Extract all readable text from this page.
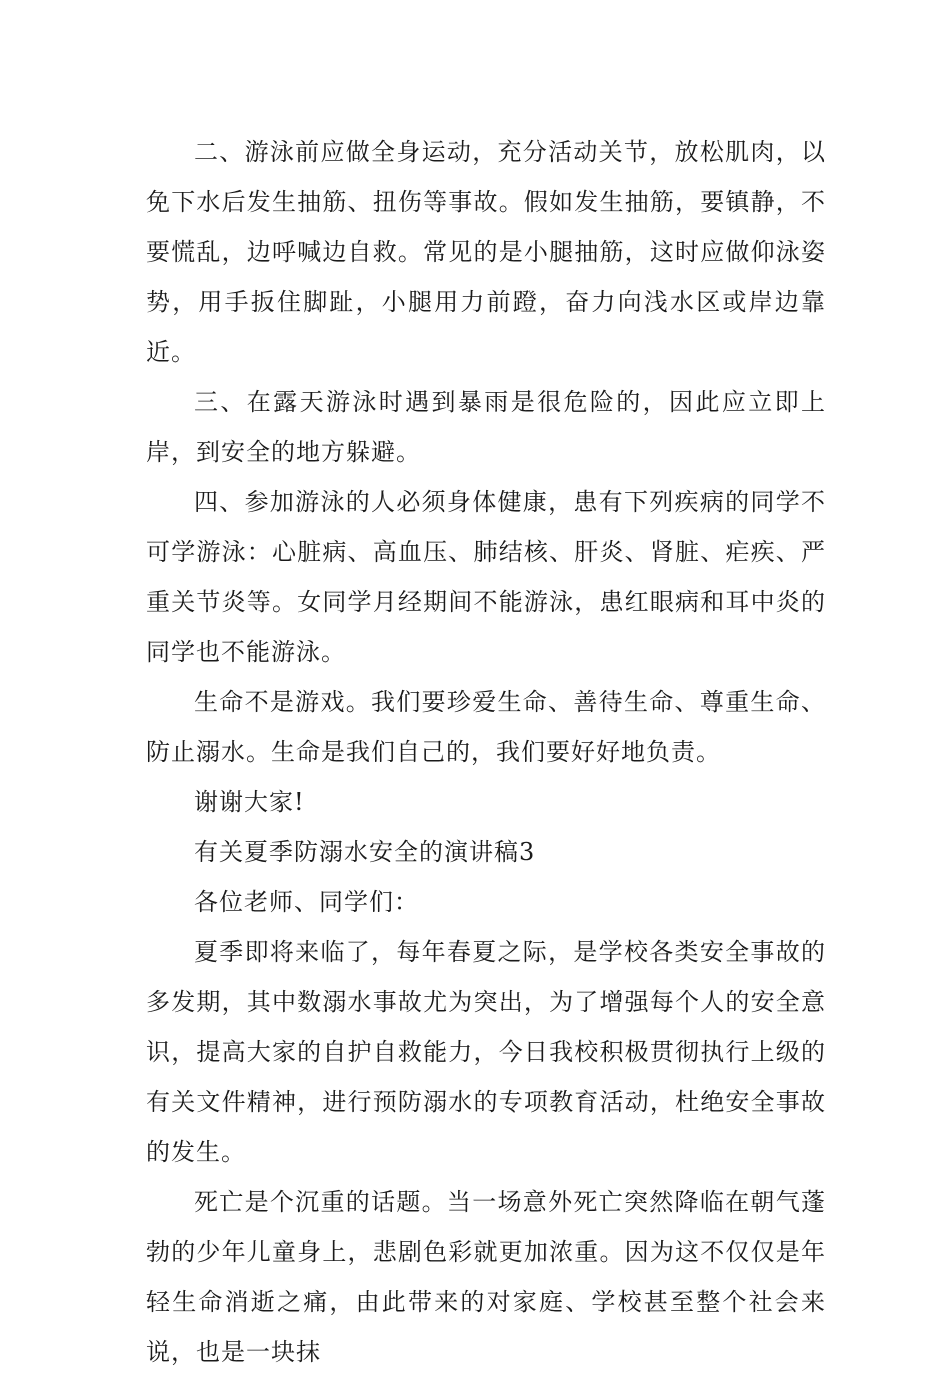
二、游泳前应做全身运动，充分活动关节，放松肌肉，以免下水后发生抽筋、扭伤等事故。假如发生抽筋，要镇静，不要慌乱，边呼喊边自救。常见的是小腿抽筋，这时应做仰泳姿势，用手扳住脚趾，小腿用力前蹬，奋力向浅水区或岸边靠近。

三、在露天游泳时遇到暴雨是很危险的，因此应立即上岸，到安全的地方躲避。

四、参加游泳的人必须身体健康，患有下列疾病的同学不可学游泳：心脏病、高血压、肺结核、肝炎、肾脏、疟疾、严重关节炎等。女同学月经期间不能游泳，患红眼病和耳中炎的同学也不能游泳。

生命不是游戏。我们要珍爱生命、善待生命、尊重生命、防止溺水。生命是我们自己的，我们要好好地负责。

谢谢大家!

有关夏季防溺水安全的演讲稿3

各位老师、同学们：

夏季即将来临了，每年春夏之际，是学校各类安全事故的多发期，其中数溺水事故尤为突出，为了增强每个人的安全意识，提高大家的自护自救能力，今日我校积极贯彻执行上级的有关文件精神，进行预防溺水的专项教育活动，杜绝安全事故的发生。

死亡是个沉重的话题。当一场意外死亡突然降临在朝气蓬勃的少年儿童身上，悲剧色彩就更加浓重。因为这不仅仅是年轻生命消逝之痛，由此带来的对家庭、学校甚至整个社会来说，也是一块抹
